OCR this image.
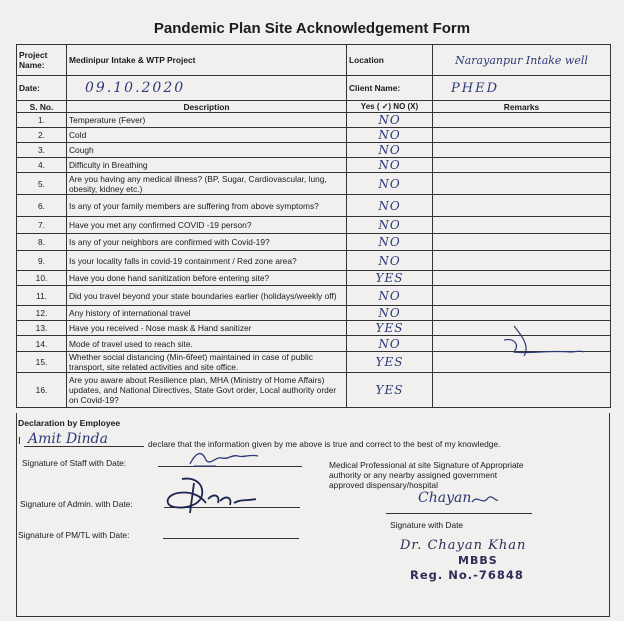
Pandemic Plan Site Acknowledgement Form
Project Name:	Medinipur Intake & WTP Project	Location	Narayanpur Intake well
Date:	09.10.2020	Client Name:	PHED
S. No.	Description	Yes ( ✓) NO (X)	Remarks
1.	Temperature (Fever)	NO	
2.	Cold	NO	
3.	Cough	NO	
4.	Difficulty in Breathing	NO	
5.	Are you having any medical illness? (BP, Sugar, Cardiovascular, lung, obesity, kidney etc.)	NO	
6.	Is any of your family members are suffering from above symptoms?	NO	
7.	Have you met any confirmed COVID -19 person?	NO	
8.	Is any of your neighbors are confirmed with Covid-19?	NO	
9.	Is your locality falls in covid-19 containment / Red zone area?	NO	
10.	Have you done hand sanitization before entering site?	YES	
11.	Did you travel beyond your state boundaries earlier (holidays/weekly off)	NO	
12.	Any history of international travel	NO	
13.	Have you received - Nose mask & Hand sanitizer	YES	
14.	Mode of travel used to reach site.	NO	
15.	Whether social distancing (Min-6feet) maintained in case of public transport, site related activities and site office.	YES	
16.	Are you aware about Resilience plan, MHA (Ministry of Home Affairs) updates, and National Directives, State Govt order, Local authority order on Covid-19?	YES	
Declaration by Employee
I Amit Dinda	declare that the information given by me above is true and correct to the best of my knowledge.
Signature of Staff with Date:
Signature of Admin. with Date:
Signature of PM/TL with Date:
Medical Professional at site Signature of Appropriate
authority or any nearby assigned government
approved dispensary/hospital
Chayan
Signature with Date
Dr. Chayan Khan
MBBS
Reg. No.-76848
